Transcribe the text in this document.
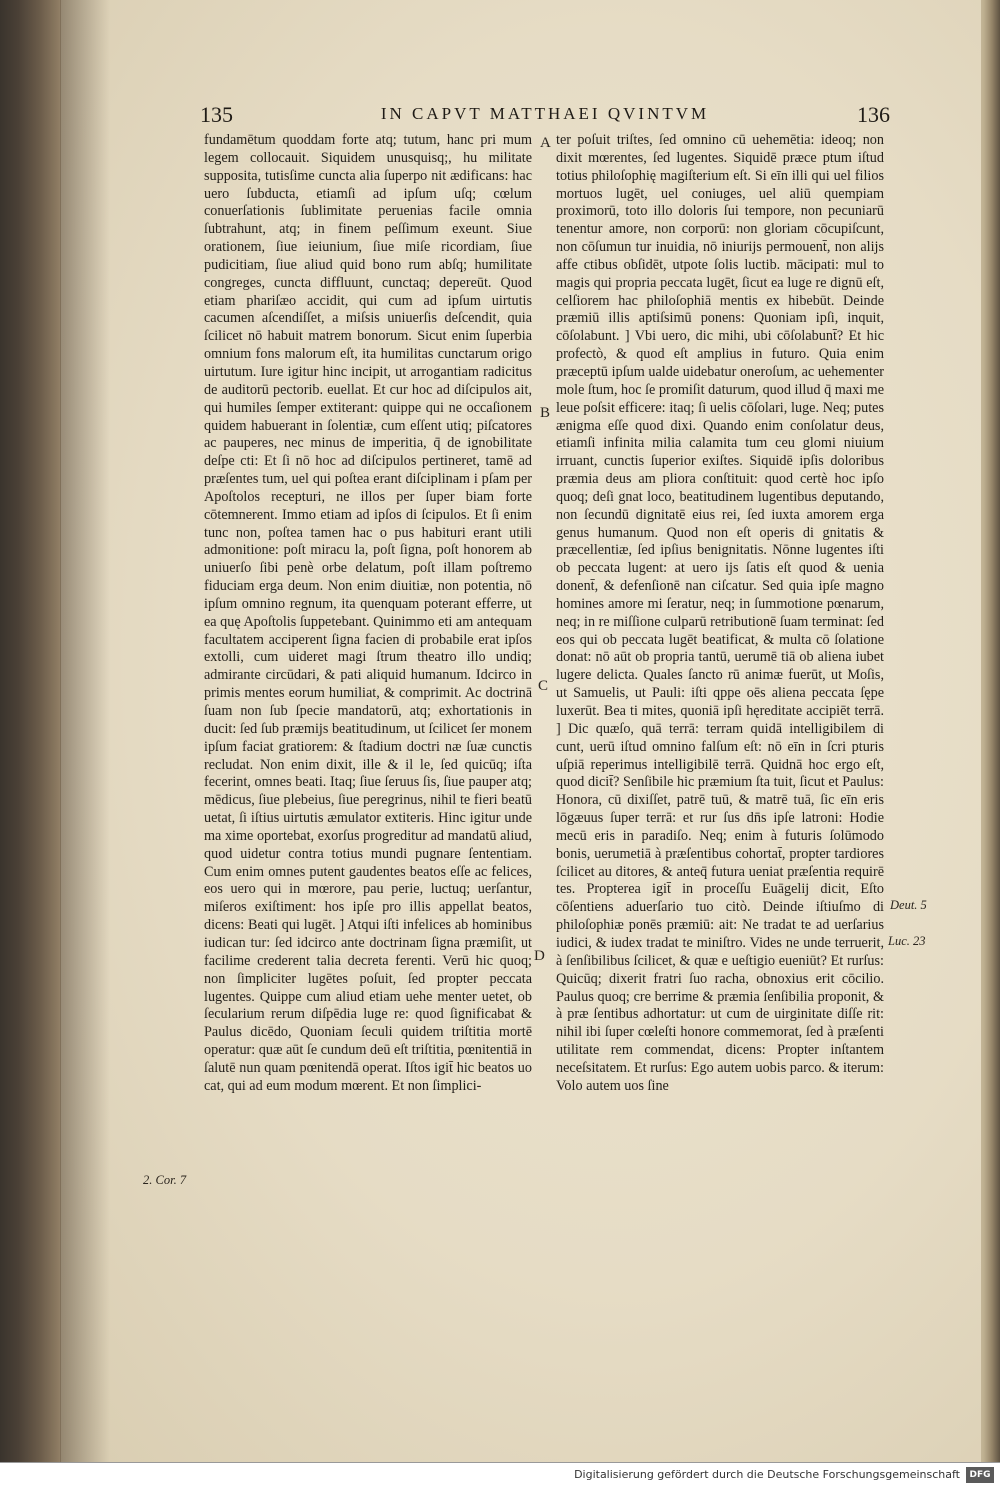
135	IN CAPVT MATTHAEI QVINTVM	136

fundamētum quoddam forte atq; tutum, hanc pri mum legem collocauit. Siquidem unusquisq;, hu militate supposita, tutisſime cuncta alia ſuperpo nit ædificans: hac uero ſubducta, etiamſi ad ipſum uſq; cœlum conuerſationis ſublimitate peruenias facile omnia ſubtrahunt, atq; in finem peſſimum exeunt. Siue orationem, ſiue ieiunium, ſiue miſe ricordiam, ſiue pudicitiam, ſiue aliud quid bono rum abſq; humilitate congreges, cuncta diffluunt, cunctaq; depereūt. Quod etiam phariſæo accidit, qui cum ad ipſum uirtutis cacumen aſcendiſſet, a miſsis uniuerſis deſcendit, quia ſcilicet nō habuit matrem bonorum. Sicut enim ſuperbia omnium fons malorum eſt, ita humilitas cunctarum origo uirtutum. Iure igitur hinc incipit, ut arrogantiam radicitus de auditorū pectorib. euellat. Et cur hoc ad diſcipulos ait, qui humiles ſemper extiterant: quippe qui ne occaſionem quidem habuerant in ſolentiæ, cum eſſent utiq; piſcatores ac pauperes, nec minus de imperitia, q̄ de ignobilitate deſpe cti: Et ſi nō hoc ad diſcipulos pertineret, tamē ad præſentes tum, uel qui poſtea erant diſciplinam i pſam per Apoſtolos recepturi, ne illos per ſuper biam forte cōtemnerent. Immo etiam ad ipſos di ſcipulos. Et ſi enim tunc non, poſtea tamen hac o pus habituri erant utili admonitione: poſt miracu la, poſt ſigna, poſt honorem ab uniuerſo ſibi penè orbe delatum, poſt illam poſtremo fiduciam erga deum. Non enim diuitiæ, non potentia, nō ipſum omnino regnum, ita quenquam poterant efferre, ut ea quę Apoſtolis ſuppetebant. Quinimmo eti am antequam facultatem acciperent ſigna facien di probabile erat ipſos extolli, cum uideret magi ſtrum theatro illo undiq; admirante circūdari, & pati aliquid humanum. Idcirco in primis mentes eorum humiliat, & comprimit. Ac doctrinā ſuam non ſub ſpecie mandatorū, atq; exhortationis in ducit: ſed ſub præmijs beatitudinum, ut ſcilicet ſer monem ipſum faciat gratiorem: & ſtadium doctri næ ſuæ cunctis recludat. Non enim dixit, ille & il le, ſed quicūq; iſta fecerint, omnes beati. Itaq; ſiue ſeruus ſis, ſiue pauper atq; mēdicus, ſiue plebeius, ſiue peregrinus, nihil te fieri beatū uetat, ſi iſtius uirtutis æmulator extiteris. Hinc igitur unde ma xime oportebat, exorſus progreditur ad mandatū aliud, quod uidetur contra totius mundi pugnare ſententiam. Cum enim omnes putent gaudentes beatos eſſe ac felices, eos uero qui in mœrore, pau perie, luctuq; uerſantur, miſeros exiſtiment: hos ipſe pro illis appellat beatos, dicens: Beati qui lugēt. ] Atqui iſti infelices ab hominibus iudican tur: ſed idcirco ante doctrinam ſigna præmiſit, ut facilime crederent talia decreta ferenti. Verū hic quoq; non ſimpliciter lugētes poſuit, ſed propter peccata lugentes. Quippe cum aliud etiam uehe menter uetet, ob ſecularium rerum diſpēdia luge re: quod ſignificabat & Paulus dicēdo, Quoniam ſeculi quidem triſtitia mortē operatur: quæ aūt ſe cundum deū eſt triſtitia, pœnitentiā in ſalutē nun quam pœnitendā operat. Iſtos igit̄ hic beatos uo cat, qui ad eum modum mœrent. Et non ſimplici-

ter poſuit triſtes, ſed omnino cū uehemētia: ideoq; non dixit mœrentes, ſed lugentes. Siquidē præce ptum iſtud totius philoſophię magiſterium eſt. Si eīn illi qui uel filios mortuos lugēt, uel coniuges, uel aliū quempiam proximorū, toto illo doloris ſui tempore, non pecuniarū tenentur amore, non corporū: non gloriam cōcupiſcunt, non cōſumun tur inuidia, nō iniurijs permouent̄, non alijs affe ctibus obſidēt, utpote ſolis luctib. mācipati: mul to magis qui propria peccata lugēt, ſicut ea luge re dignū eſt, celſiorem hac philoſophiā mentis ex hibebūt. Deinde præmiū illis aptiſsimū ponens: Quoniam ipſi, inquit, cōſolabunt. ] Vbi uero, dic mihi, ubi cōſolabunt̄? Et hic profectò, & quod eſt amplius in futuro. Quia enim præceptū ipſum ualde uidebatur oneroſum, ac uehementer mole ſtum, hoc ſe promiſit daturum, quod illud q̄ maxi me leue poſsit efficere: itaq; ſi uelis cōſolari, luge. Neq; putes ænigma eſſe quod dixi. Quando enim conſolatur deus, etiamſi infinita milia calamita tum ceu glomi niuium irruant, cunctis ſuperior exiſtes. Siquidē ipſis doloribus præmia deus am pliora conſtituit: quod certè hoc ipſo quoq; deſi gnat loco, beatitudinem lugentibus deputando, non ſecundū dignitatē eius rei, ſed iuxta amorem erga genus humanum. Quod non eſt operis di gnitatis & præcellentiæ, ſed ipſius benignitatis. Nōnne lugentes iſti ob peccata lugent: at uero ijs ſatis eſt quod & uenia donent̄, & defenſionē nan ciſcatur. Sed quia ipſe magno homines amore mi ſeratur, neq; in ſummotione pœnarum, neq; in re miſſione culparū retributionē ſuam terminat: ſed eos qui ob peccata lugēt beatificat, & multa cō ſolatione donat: nō aūt ob propria tantū, uerumē tiā ob aliena iubet lugere delicta. Quales ſancto rū animæ fuerūt, ut Moſis, ut Samuelis, ut Pauli: iſti qppe oēs aliena peccata ſępe luxerūt. Bea ti mites, quoniā ipſi hęreditate accipiēt terrā. ] Dic quæſo, quā terrā: terram quidā intelligibilem di cunt, uerū iſtud omnino falſum eſt: nō eīn in ſcri pturis uſpiā reperimus intelligibilē terrā. Quidnā hoc ergo eſt, quod dicit̄? Senſibile hic præmium ſta tuit, ſicut et Paulus: Honora, cū dixiſſet, patrē tuū, & matrē tuā, ſic eīn eris lōgæuus ſuper terrā: et rur ſus dn̄s ipſe latroni: Hodie mecū eris in paradiſo. Neq; enim à futuris ſolūmodo bonis, uerumetiā à præſentibus cohortat̄, propter tardiores ſcilicet au ditores, & anteq̄ futura ueniat præſentia requirē tes. Propterea igit̄ in proceſſu Euāgelij dicit, Eſto cōſentiens aduerſario tuo citò. Deinde iſtiuſmo di philoſophiæ ponēs præmiū: ait: Ne tradat te ad uerſarius iudici, & iudex tradat te miniſtro. Vides ne unde terruerit, à ſenſibilibus ſcilicet, & quæ e ueſtigio eueniūt? Et rurſus: Quicūq; dixerit fratri ſuo racha, obnoxius erit cōcilio. Paulus quoq; cre berrime & præmia ſenſibilia proponit, & à præ ſentibus adhortatur: ut cum de uirginitate diſſe rit: nihil ibi ſuper cœleſti honore commemorat, ſed à præſenti utilitate rem commendat, dicens: Propter inſtantem neceſsitatem. Et rurſus: Ego autem uobis parco. & iterum: Volo autem uos ſine

A
B
C
D
2. Cor. 7
Deut. 5
Luc. 23
Digitalisierung gefördert durch die Deutsche Forschungsgemeinschaft	DFG
